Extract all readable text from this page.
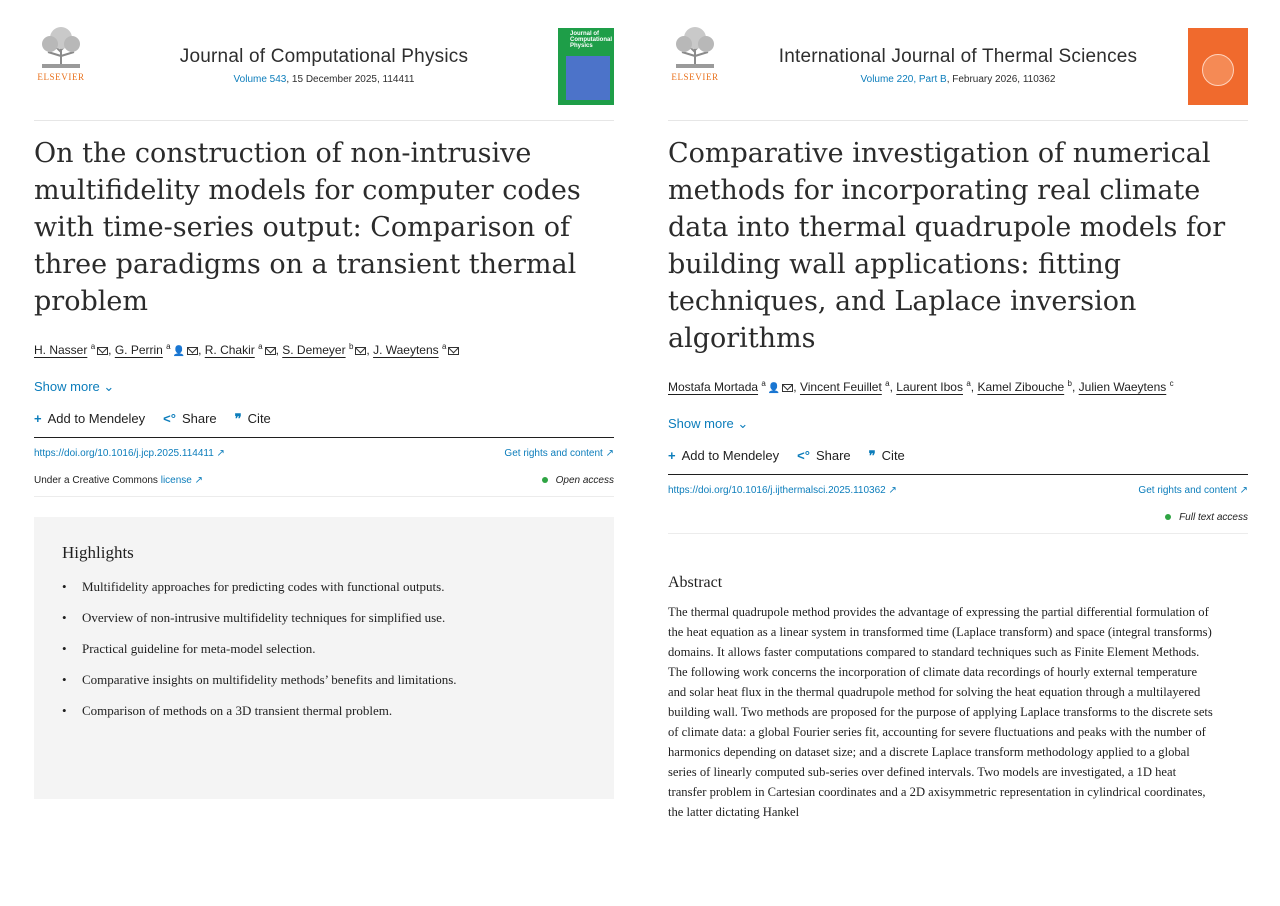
ELSEVIER
Journal of Computational Physics
Volume 543, 15 December 2025, 114411
Journal of Computational Physics
On the construction of non-intrusive multifidelity models for computer codes with time-series output: Comparison of three paradigms on a transient thermal problem
H. Nasser $^a$ , G. Perrin $^a$ 👤 , R. Chakir $^a$ , S. Demeyer $^b$ , J. Waeytens $^a$
Show more ⌄
+ Add to Mendeley <° Share ❞ Cite
https://doi.org/10.1016/j.jcp.2025.114411 ↗	Get rights and content ↗
Under a Creative Commons license ↗	Open access
Highlights
• Multifidelity approaches for predicting codes with functional outputs.
• Overview of non-intrusive multifidelity techniques for simplified use.
• Practical guideline for meta-model selection.
• Comparative insights on multifidelity methods’ benefits and limitations.
• Comparison of methods on a 3D transient thermal problem.
ELSEVIER
International Journal of Thermal Sciences
Volume 220, Part B, February 2026, 110362
Comparative investigation of numerical methods for incorporating real climate data into thermal quadrupole models for building wall applications: fitting techniques, and Laplace inversion algorithms
Mostafa Mortada $^a$ 👤 , Vincent Feuillet $^a$, Laurent Ibos $^a$, Kamel Zibouche $^b$, Julien Waeytens $^c$
Show more ⌄
+ Add to Mendeley <° Share ❞ Cite
https://doi.org/10.1016/j.ijthermalsci.2025.110362 ↗	Get rights and content ↗
Full text access
Abstract

The thermal quadrupole method provides the advantage of expressing the partial differential formulation of the heat equation as a linear system in transformed time (Laplace transform) and space (integral transforms) domains. It allows faster computations compared to standard techniques such as Finite Element Methods. The following work concerns the incorporation of climate data recordings of hourly external temperature and solar heat flux in the thermal quadrupole method for solving the heat equation through a multilayered building wall. Two methods are proposed for the purpose of applying Laplace transforms to the discrete sets of climate data: a global Fourier series fit, accounting for severe fluctuations and peaks with the number of harmonics depending on dataset size; and a discrete Laplace transform methodology applied to a global series of linearly computed sub-series over defined intervals. Two models are investigated, a 1D heat transfer problem in Cartesian coordinates and a 2D axisymmetric representation in cylindrical coordinates, the latter dictating Hankel
